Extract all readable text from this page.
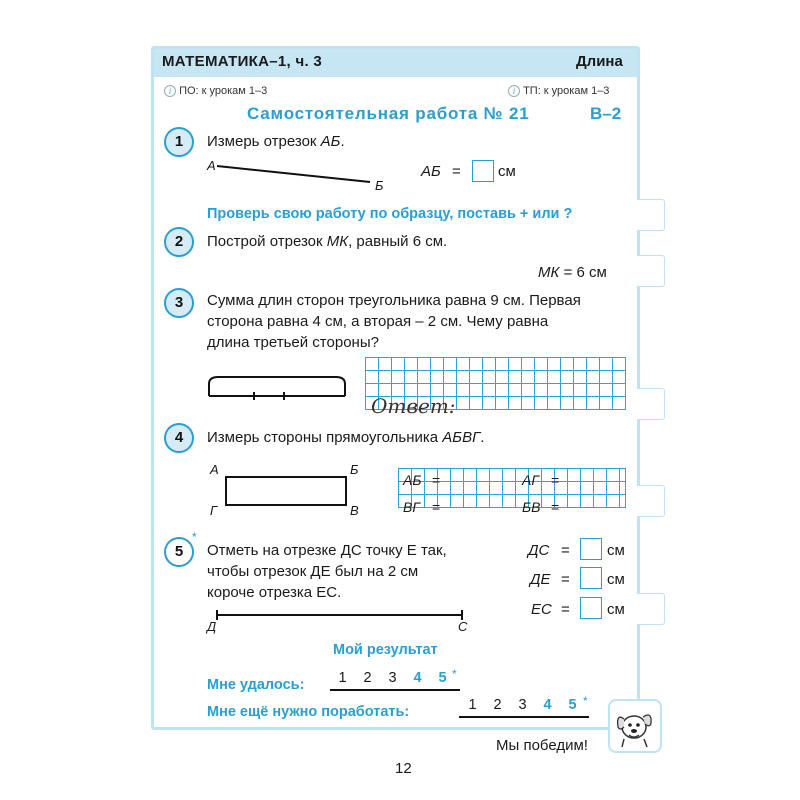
МАТЕМАТИКА–1, ч. 3	Длина
i ПО: к урокам 1–3	i ТП: к урокам 1–3
Самостоятельная работа № 21	В–2
1	Измерь отрезок АБ.
А
Б
АБ = см
Проверь свою работу по образцу, поставь + или ?
2	Построй отрезок МК, равный 6 см.
МК = 6 см
3	Сумма длин сторон треугольника равна 9 см. Первая
сторона равна 4 см, а вторая – 2 см. Чему равна
длина третьей стороны?
Ответ:
4	Измерь стороны прямоугольника АБВГ.
А	Б
В
Г
АБ =	АГ =
ВГ =	БВ =
5
*
Отметь на отрезке ДС точку Е так,
чтобы отрезок ДЕ был на 2 см
короче отрезка ЕС.
Д	С
ДС = см
ДЕ = см
ЕС = см
Мой результат
Мне удалось:	1 2 3 4 5 *
Мне ещё нужно поработать:	1 2 3 4 5 *
Мы победим!
12
